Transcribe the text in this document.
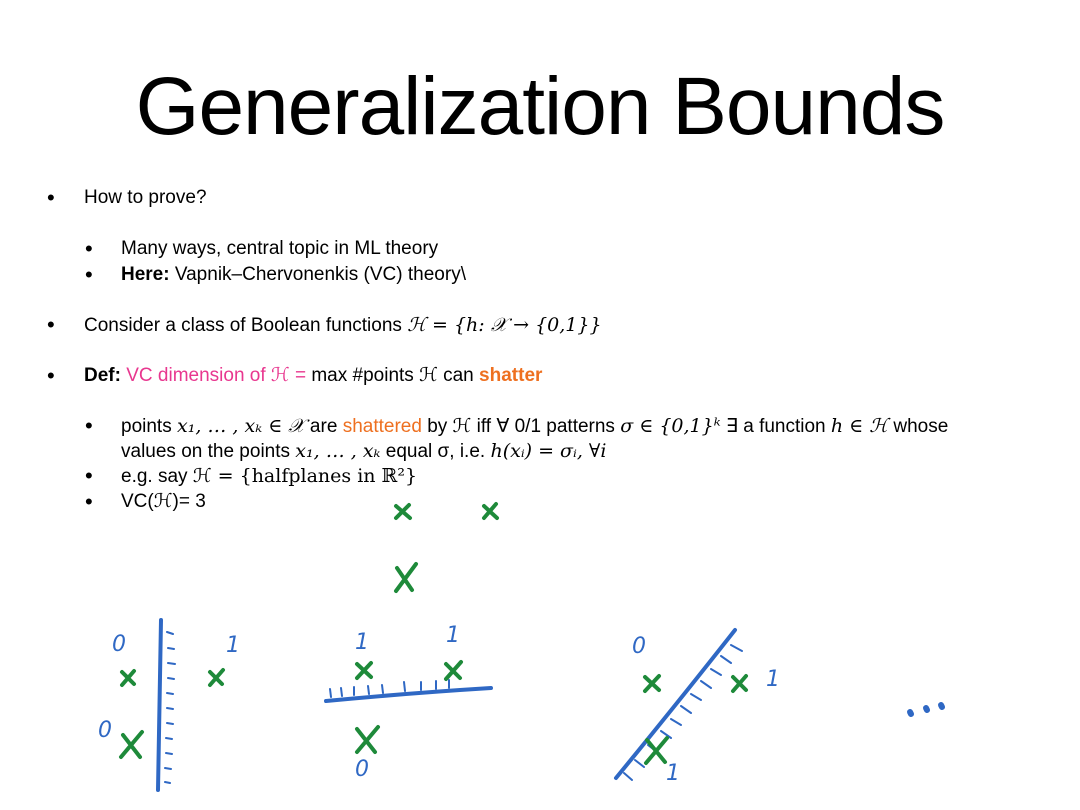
Generalization Bounds
• How to prove?
• Many ways, central topic in ML theory
• Here: Vapnik–Chervonenkis (VC) theory\
• Consider a class of Boolean functions ℋ = {h: 𝒳 → {0,1}}
• Def: VC dimension of ℋ = max #points ℋ can shatter
• points x₁, … , xₖ ∈ 𝒳 are shattered by ℋ iff ∀ 0/1 patterns σ ∈ {0,1}ᵏ ∃ a function h ∈ ℋ whose
values on the points x₁, … , xₖ equal σ, i.e. h(xᵢ) = σᵢ, ∀i
• e.g. say ℋ = {halfplanes in ℝ²}
• VC(ℋ)= 3
0	1
0
1	1
0
0
1
1
